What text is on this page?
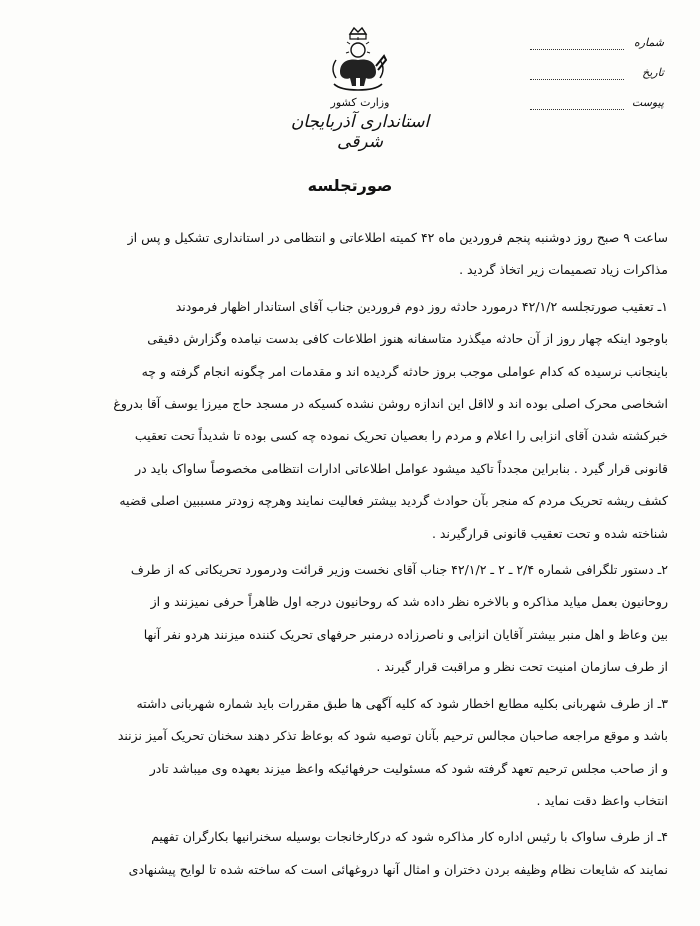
وزارت کشور
استانداری آذربایجان شرقی
شماره
تاریخ
پیوست
صورتجلسه

ساعت ۹ صبح روز دوشنبه پنجم فروردین ماه ۴۲ کمیته اطلاعاتی و انتظامی در استانداری تشکیل و پس از
مذاکرات زیاد تصمیمات زیر اتخاذ گردید .

۱ـ تعقیب صورتجلسه ۴۲/۱/۲ درمورد حادثه روز دوم فروردین جناب آقای استاندار اظهار فرمودند
باوجود اینکه چهار روز از آن حادثه میگذرد متاسفانه هنوز اطلاعات کافی بدست نیامده وگزارش دقیقی
باینجانب نرسیده که کدام عواملی موجب بروز حادثه گردیده اند و مقدمات امر چگونه انجام گرفته و چه
اشخاصی محرک اصلی بوده اند و لااقل این اندازه روشن نشده کسیکه در مسجد حاج میرزا یوسف آقا بدروغ
خبرکشته شدن آقای انزابی را اعلام و مردم را بعصیان تحریک نموده چه کسی بوده تا شدیداً تحت تعقیب
قانونی قرار گیرد . بنابراین مجدداً تاکید میشود عوامل اطلاعاتی ادارات انتظامی مخصوصاً ساواک باید در
کشف ریشه تحریک مردم که منجر بآن حوادث گردید بیشتر فعالیت نمایند وهرچه زودتر مسببین اصلی قضیه
شناخته شده و تحت تعقیب قانونی قرارگیرند .

۲ـ دستور تلگرافی شماره ۲/۴ ـ ۲ ـ ۴۲/۱/۲ جناب آقای نخست وزیر قرائت ودرمورد تحریکاتی که از طرف
روحانیون بعمل میاید مذاکره و بالاخره نظر داده شد که روحانیون درجه اول ظاهراً حرفی نمیزنند و از
بین وعاظ و اهل منبر بیشتر آقایان انزابی و ناصرزاده درمنبر حرفهای تحریک کننده میزنند هردو نفر آنها
از طرف سازمان امنیت تحت نظر و مراقبت قرار گیرند .

۳ـ از طرف شهربانی بکلیه مطابع اخطار شود که کلیه آگهی ها طبق مقررات باید شماره شهربانی داشته
باشد و موقع مراجعه صاحبان مجالس ترحیم بآنان توصیه شود که بوعاظ تذکر دهند سخنان تحریک آمیز نزنند
و از صاحب مجلس ترحیم تعهد گرفته شود که مسئولیت حرفهائیکه واعظ میزند بعهده وی میباشد تادر
انتخاب واعظ دقت نماید .

۴ـ از طرف ساواک با رئیس اداره کار مذاکره شود که درکارخانجات بوسیله سخنرانیها بکارگران تفهیم
نمایند که شایعات نظام وظیفه بردن دختران و امثال آنها دروغهائی است که ساخته شده تا لوایح پیشنهادی
